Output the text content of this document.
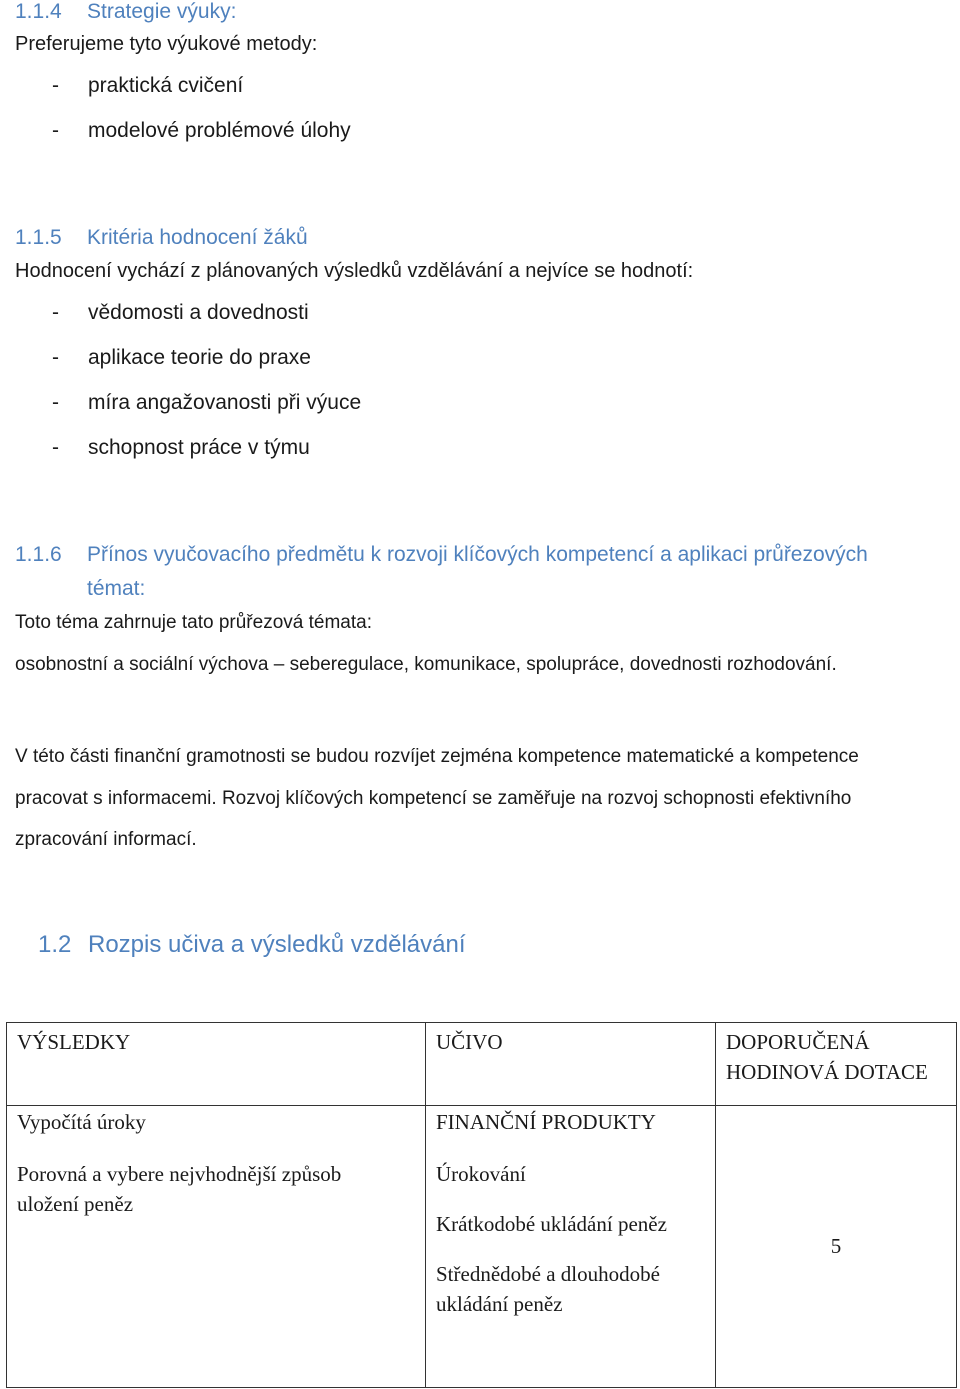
1.1.4 Strategie výuky:
Preferujeme tyto výukové metody:
- praktická cvičení
- modelové problémové úlohy
1.1.5 Kritéria hodnocení žáků
Hodnocení vychází z plánovaných výsledků vzdělávání a nejvíce se hodnotí:
- vědomosti a dovednosti
- aplikace teorie do praxe
- míra angažovanosti při výuce
- schopnost práce v týmu
1.1.6 Přínos vyučovacího předmětu k rozvoji klíčových kompetencí a aplikaci průřezových
témat:
Toto téma zahrnuje tato průřezová témata:
osobnostní a sociální výchova – seberegulace, komunikace, spolupráce, dovednosti rozhodování.
V této části finanční gramotnosti se budou rozvíjet zejména kompetence matematické a kompetence
pracovat s informacemi. Rozvoj klíčových kompetencí se zaměřuje na rozvoj schopnosti efektivního
zpracování informací.
1.2 Rozpis učiva a výsledků vzdělávání
VÝSLEDKY	UČIVO	DOPORUČENÁ
HODINOVÁ DOTACE

Vypočítá úroky
Porovná a vybere nejvhodnější způsob
uložení peněz	FINANČNÍ PRODUKTY
Úrokování
Krátkodobé ukládání peněz
Střednědobé a dlouhodobé
ukládání peněz	5
